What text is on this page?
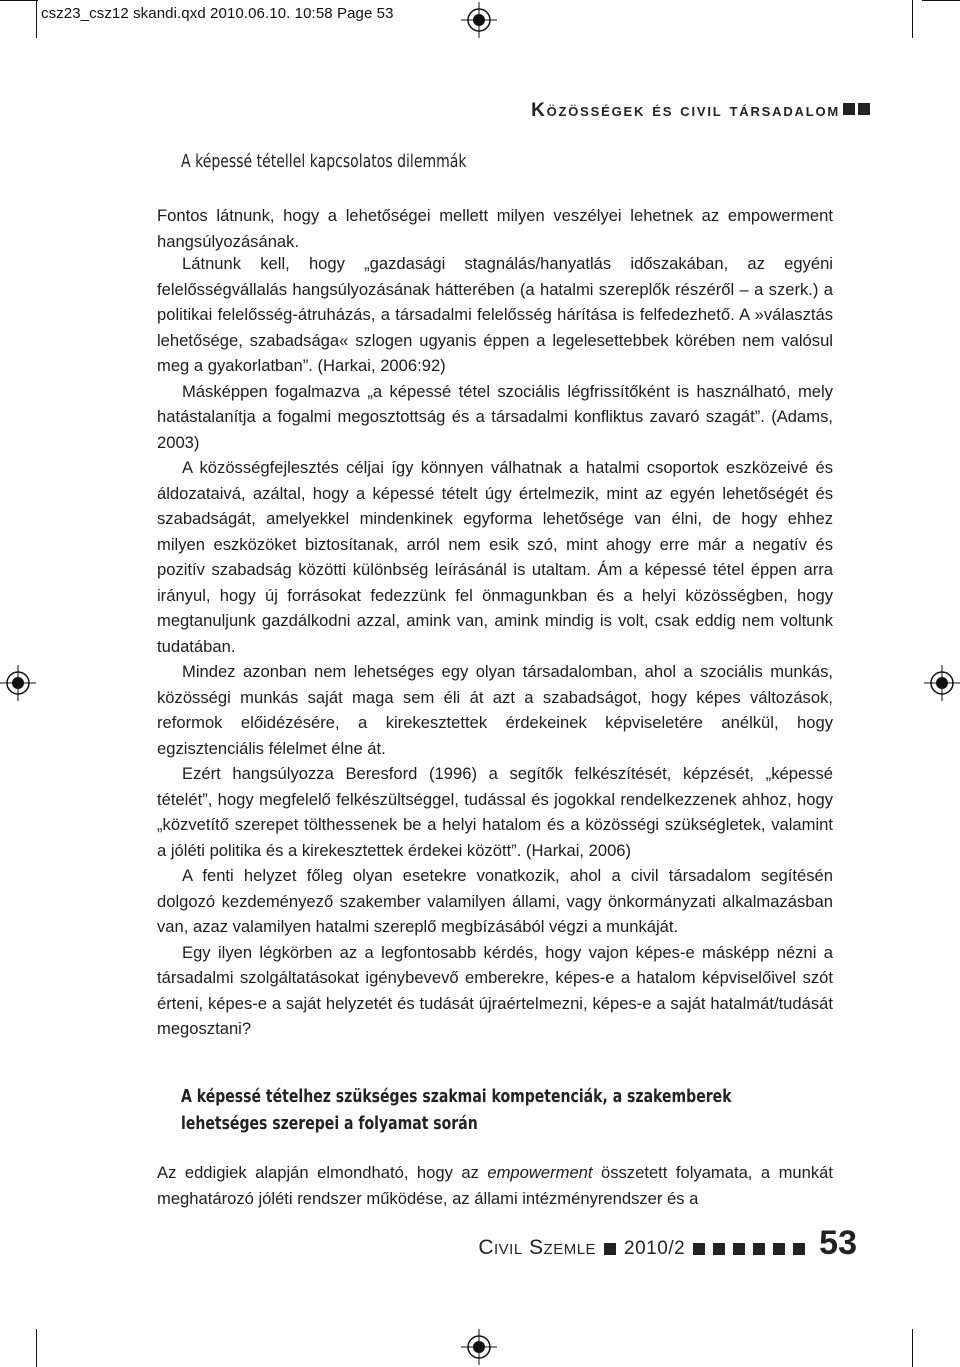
csz23_csz12 skandi.qxd 2010.06.10. 10:58 Page 53
Közösségek és civil társadalom
A képessé tétellel kapcsolatos dilemmák

Fontos látnunk, hogy a lehetőségei mellett milyen veszélyei lehetnek az empowerment hangsúlyozásának.

Látnunk kell, hogy „gazdasági stagnálás/hanyatlás időszakában, az egyéni felelősségvállalás hangsúlyozásának hátterében (a hatalmi szereplők részéről – a szerk.) a politikai felelősség-átruházás, a társadalmi felelősség hárítása is felfedezhető. A »választás lehetősége, szabadsága« szlogen ugyanis éppen a legelesettebbek körében nem valósul meg a gyakorlatban”. (Harkai, 2006:92)

Másképpen fogalmazva „a képessé tétel szociális légfrissítőként is használható, mely hatástalanítja a fogalmi megosztottság és a társadalmi konfliktus zavaró szagát”. (Adams, 2003)

A közösségfejlesztés céljai így könnyen válhatnak a hatalmi csoportok eszközeivé és áldozataivá, azáltal, hogy a képessé tételt úgy értelmezik, mint az egyén lehetőségét és szabadságát, amelyekkel mindenkinek egyforma lehetősége van élni, de hogy ehhez milyen eszközöket biztosítanak, arról nem esik szó, mint ahogy erre már a negatív és pozitív szabadság közötti különbség leírásánál is utaltam. Ám a képessé tétel éppen arra irányul, hogy új forrásokat fedezzünk fel önmagunkban és a helyi közösségben, hogy megtanuljunk gazdálkodni azzal, amink van, amink mindig is volt, csak eddig nem voltunk tudatában.

Mindez azonban nem lehetséges egy olyan társadalomban, ahol a szociális munkás, közösségi munkás saját maga sem éli át azt a szabadságot, hogy képes változások, reformok előidézésére, a kirekesztettek érdekeinek képviseletére anélkül, hogy egzisztenciális félelmet élne át.

Ezért hangsúlyozza Beresford (1996) a segítők felkészítését, képzését, „képessé tételét”, hogy megfelelő felkészültséggel, tudással és jogokkal rendelkezzenek ahhoz, hogy „közvetítő szerepet tölthessenek be a helyi hatalom és a közösségi szükségletek, valamint a jóléti politika és a kirekesztettek érdekei között”. (Harkai, 2006)

A fenti helyzet főleg olyan esetekre vonatkozik, ahol a civil társadalom segítésén dolgozó kezdeményező szakember valamilyen állami, vagy önkormányzati alkalmazásban van, azaz valamilyen hatalmi szereplő megbízásából végzi a munkáját.

Egy ilyen légkörben az a legfontosabb kérdés, hogy vajon képes-e másképp nézni a társadalmi szolgáltatásokat igénybevevő emberekre, képes-e a hatalom képviselőivel szót érteni, képes-e a saját helyzetét és tudását újraértelmezni, képes-e a saját hatalmát/tudását megosztani?

A képessé tételhez szükséges szakmai kompetenciák, a szakemberek lehetséges szerepei a folyamat során

Az eddigiek alapján elmondható, hogy az empowerment összetett folyamata, a munkát meghatározó jóléti rendszer működése, az állami intézményrendszer és a

Civil Szemle 2010/2	53
